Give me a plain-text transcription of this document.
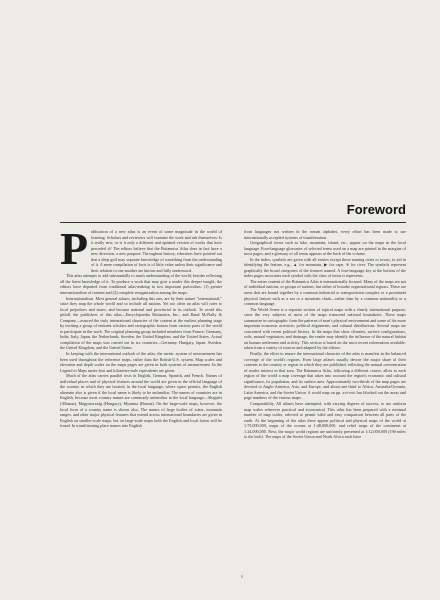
Foreword

Publication of a new atlas is an event of some magnitude in the world of learning. Scholars and reviewers will examine the work and ask themselves: Is it really new, or is it only a different and updated version of works that have preceded it? The editors believe that the Britannica Atlas does in fact have a new direction, a new purpose. Throughout history, educators have pointed out that a deep gulf may separate knowledge of something from the understanding of it. A mere compilation of facts is of little value unless their significance and their relation to one another are known and fully understood.

This atlas attempts to add substantially to man's understanding of the world, besides reflecting all the latest knowledge of it. To produce a work that may give a reader this deeper insight, the editors have departed from traditional atlas-making in two important particulars: (1) greater internationalism of content and (2) complete reorganization among the maps.

Internationalism. Most general atlases, including this one, are by their nature "international," since they map the whole world and so include all nations. Yet too often an atlas will cater to local prejudices and tastes, and become national and provincial in its outlook. To avoid this pitfall, the publishers of this atlas—Encyclopaedia Britannica, Inc., and Rand McNally & Company—assured the truly international character of the content at the earliest planning stage by inviting a group of eminent scholars and cartographic houses from various parts of the world to participate in the work. The original planning group included members from France, Germany, India, Italy, Japan, the Netherlands, Sweden, the United Kingdom, and the United States. Actual compilation of the maps was carried out in six countries—Germany, Hungary, Japan, Sweden, the United Kingdom, and the United States.

In keeping with the international outlook of the atlas, the metric system of measurement has been used throughout the reference maps, rather than the British-U.S. system. Map scales and elevation and depth scales on the maps pages are given in both systems of measurement. In the Legend to Maps meter-foot and kilometer-mile equivalents are given.

Much of the atlas carries parallel texts in English, German, Spanish, and French. Names of individual places and of physical features around the world are given in the official language of the country in which they are located, in the local language, where space permits, the English alternate also is given if the local name is likely to be unfamiliar. The names of countries are in English, because most country names are commonly unfamiliar in the local language—Shqipëri (Albania), Magyarország (Hungary), Myanma (Burma). On the large-scale maps, however, the local form of a country name is shown also. The names of large bodies of water, mountain ranges, and other major physical features that extend across international boundaries are given in English on smaller-scale maps, but on large-scale maps both the English and local forms will be found. In transliterating place names into English

from languages not written in the roman alphabet, every effort has been made to use internationally accepted systems of transliteration.

Geographical terms such as lake, mountain, island, etc., appear on the maps in the local language. Four-language glossaries of selected terms used on a map are printed in the margins of most pages, and a glossary of all terms appears at the back of the volume.

In the index, symbols are given with all entries except those naming cities or towns, to aid in identifying the feature, e.g., ▲ for mountain, ▶ for cape, ≋ for river. The symbols represent graphically the broad categories of the features named. A four-language key at the bottom of the index pages associates each symbol with the class of terms it represents.

The entire content of the Britannica Atlas is internationally focused. Many of the maps are not of individual nations, or groups of nations, but rather of broader organizational regions. These are areas that are bound together by a common industrial or transportation complex or a prominent physical feature such as a sea or a mountain chain—rather than by a common nationality or a common language.

The World Scene is a separate section of topical maps with a clearly international purpose, since the very subjects of most of the maps transcend national boundaries. These maps summarize in cartographic form the patterns of man's physical environment and some of his more important economic activities, political alignments, and cultural distributions. Several maps are concerned with recent political history. In the maps that show climates, surface configurations, soils, natural vegetation, and drainage, the reader may identify the influence of the natural habitat on human settlement and activity. This section is based on the most recent information available, taken from a variety of sources and adapted by the editors.

Finally, the effort to ensure the international character of the atlas is manifest in the balanced coverage of the world's regions. Even large atlases usually devote the major share of their contents to the country or region in which they are published, reflecting the natural concentration of reader interest in that area. The Britannica Atlas, following a different course, allots to each region of the world a map coverage that takes into account the region's economic and cultural significance, its population, and its surface area. Approximately two-thirds of the map pages are devoted to Anglo-America, Asia, and Europe, and about one-third to Africa, Australia/Oceania, Latin America, and the Soviet Union. A world map on pp. xvi-xvii has blocked out the areas and page numbers of the various maps.

Comparability. All atlases have attempted, with varying degrees of success, to use uniform map scales wherever practical and economical. This atlas has been prepared with a minimal number of map scales, selected to permit valid and easy comparison between all parts of the earth. At the beginning of the atlas there appear political and physical maps of the world at 1:75,000,000, maps of the oceans at 1:48,000,000, and relief maps of the continents at 1:24,000,000. Next, the major world regions are uniformly presented at 1:12,000,000 (190 miles to the inch). The maps of the Soviet Union and North Africa each have

v
